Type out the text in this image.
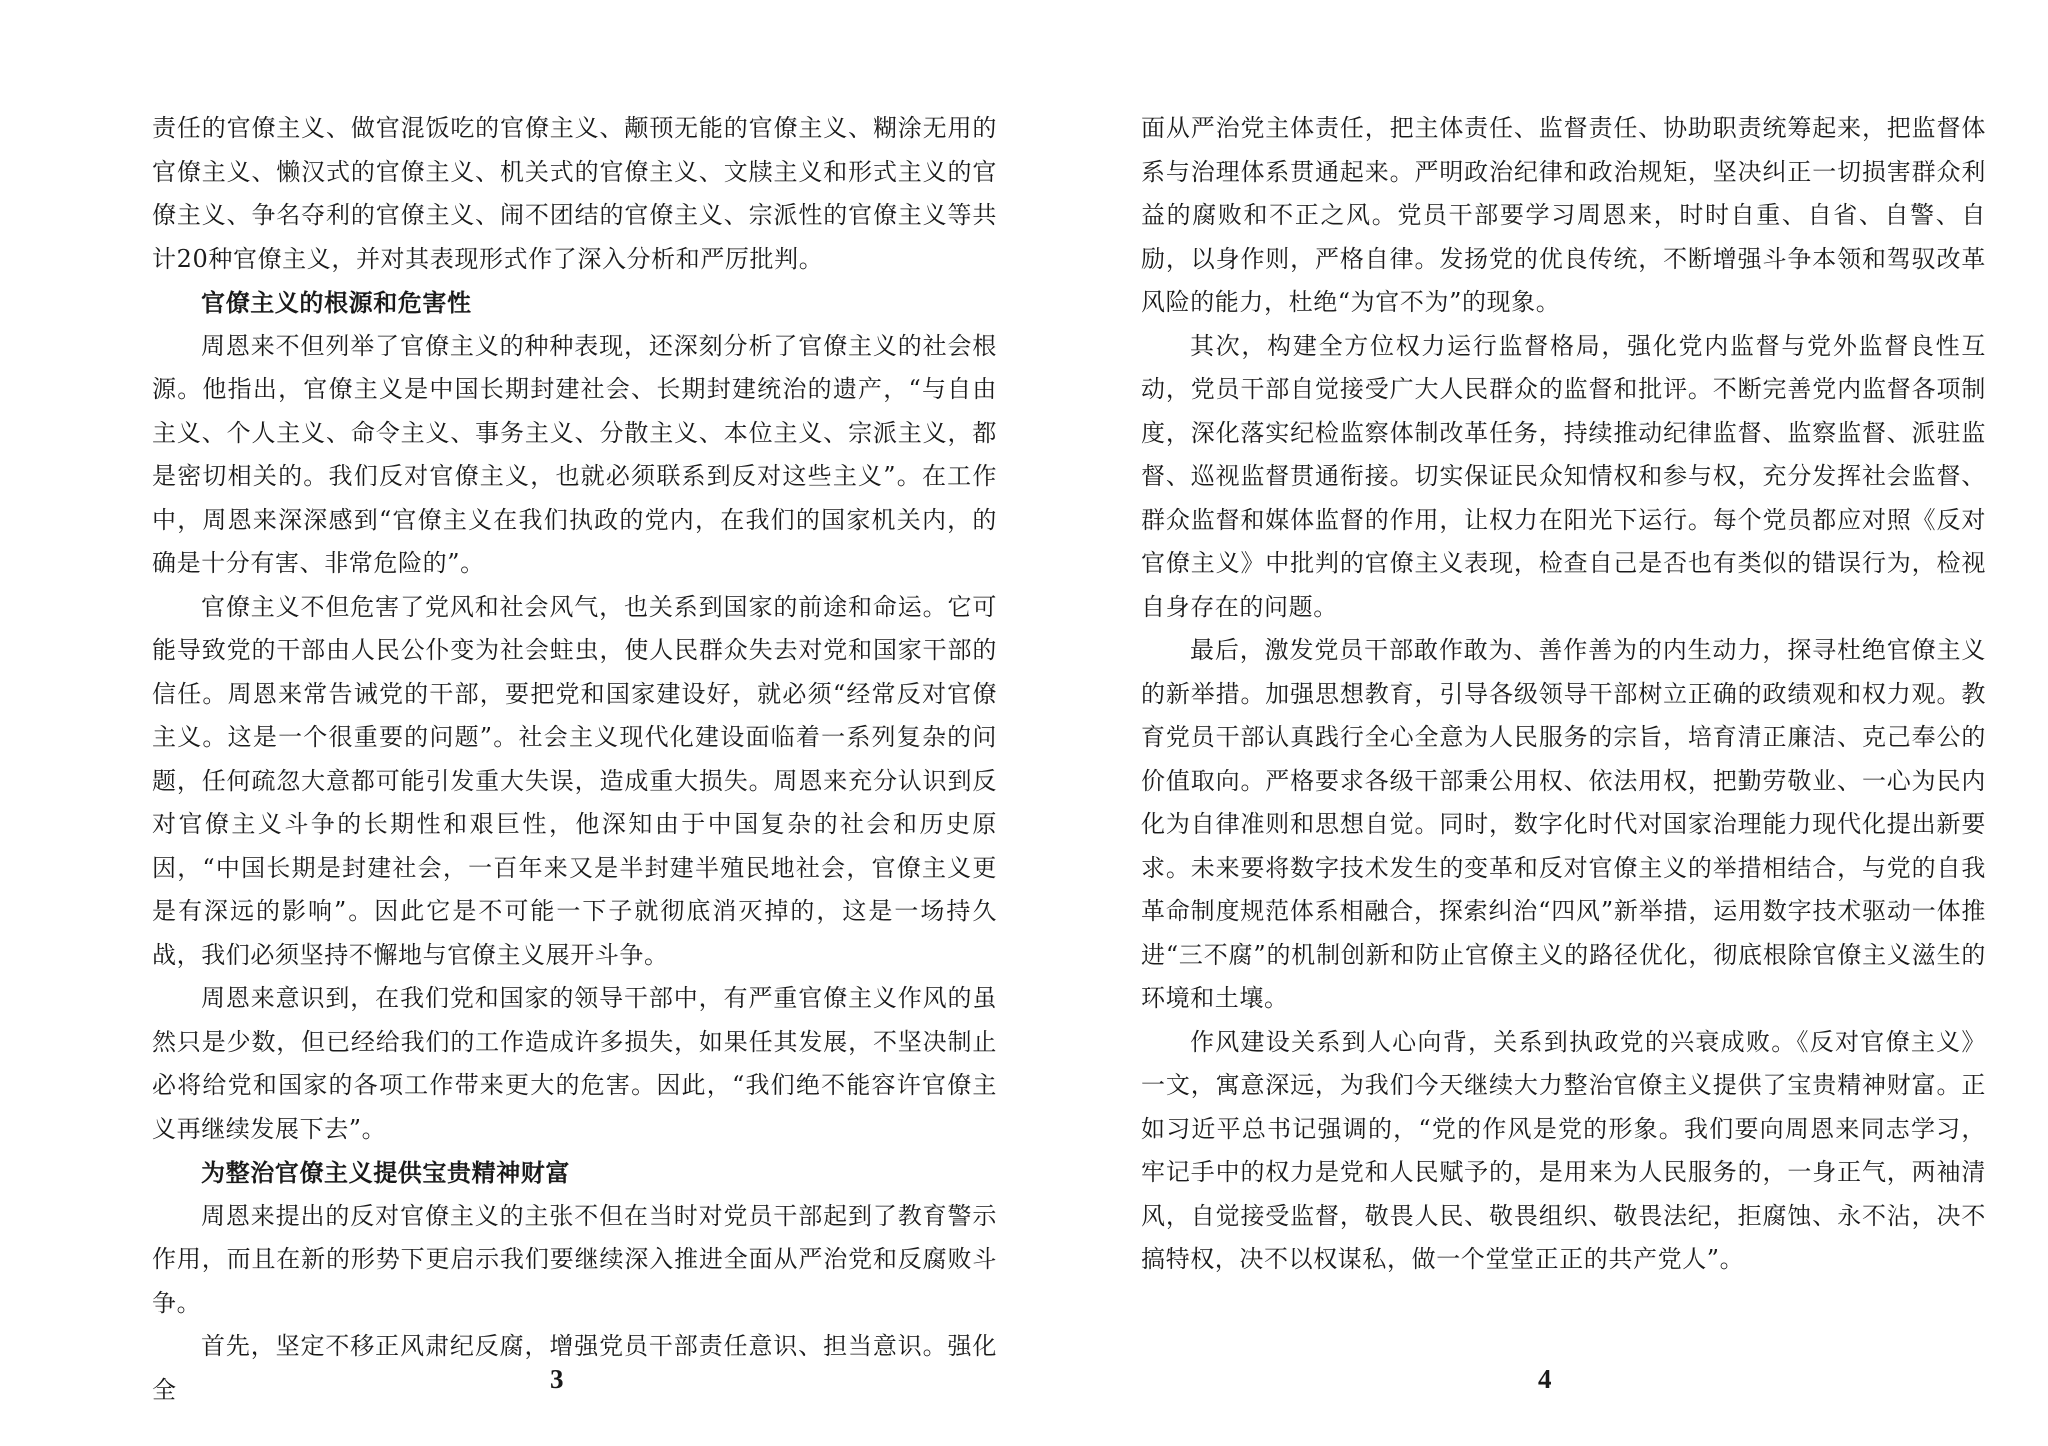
责任的官僚主义、做官混饭吃的官僚主义、颟顸无能的官僚主义、糊涂无用的官僚主义、懒汉式的官僚主义、机关式的官僚主义、文牍主义和形式主义的官僚主义、争名夺利的官僚主义、闹不团结的官僚主义、宗派性的官僚主义等共计20种官僚主义，并对其表现形式作了深入分析和严厉批判。

官僚主义的根源和危害性

周恩来不但列举了官僚主义的种种表现，还深刻分析了官僚主义的社会根源。他指出，官僚主义是中国长期封建社会、长期封建统治的遗产，“与自由主义、个人主义、命令主义、事务主义、分散主义、本位主义、宗派主义，都是密切相关的。我们反对官僚主义，也就必须联系到反对这些主义”。在工作中，周恩来深深感到“官僚主义在我们执政的党内，在我们的国家机关内，的确是十分有害、非常危险的”。

官僚主义不但危害了党风和社会风气，也关系到国家的前途和命运。它可能导致党的干部由人民公仆变为社会蛀虫，使人民群众失去对党和国家干部的信任。周恩来常告诫党的干部，要把党和国家建设好，就必须“经常反对官僚主义。这是一个很重要的问题”。社会主义现代化建设面临着一系列复杂的问题，任何疏忽大意都可能引发重大失误，造成重大损失。周恩来充分认识到反对官僚主义斗争的长期性和艰巨性，他深知由于中国复杂的社会和历史原因，“中国长期是封建社会，一百年来又是半封建半殖民地社会，官僚主义更是有深远的影响”。因此它是不可能一下子就彻底消灭掉的，这是一场持久战，我们必须坚持不懈地与官僚主义展开斗争。

周恩来意识到，在我们党和国家的领导干部中，有严重官僚主义作风的虽然只是少数，但已经给我们的工作造成许多损失，如果任其发展，不坚决制止必将给党和国家的各项工作带来更大的危害。因此，“我们绝不能容许官僚主义再继续发展下去”。

为整治官僚主义提供宝贵精神财富

周恩来提出的反对官僚主义的主张不但在当时对党员干部起到了教育警示作用，而且在新的形势下更启示我们要继续深入推进全面从严治党和反腐败斗争。

首先，坚定不移正风肃纪反腐，增强党员干部责任意识、担当意识。强化全	3

面从严治党主体责任，把主体责任、监督责任、协助职责统筹起来，把监督体系与治理体系贯通起来。严明政治纪律和政治规矩，坚决纠正一切损害群众利益的腐败和不正之风。党员干部要学习周恩来，时时自重、自省、自警、自励，以身作则，严格自律。发扬党的优良传统，不断增强斗争本领和驾驭改革风险的能力，杜绝“为官不为”的现象。

其次，构建全方位权力运行监督格局，强化党内监督与党外监督良性互动，党员干部自觉接受广大人民群众的监督和批评。不断完善党内监督各项制度，深化落实纪检监察体制改革任务，持续推动纪律监督、监察监督、派驻监督、巡视监督贯通衔接。切实保证民众知情权和参与权，充分发挥社会监督、群众监督和媒体监督的作用，让权力在阳光下运行。每个党员都应对照《反对官僚主义》中批判的官僚主义表现，检查自己是否也有类似的错误行为，检视自身存在的问题。

最后，激发党员干部敢作敢为、善作善为的内生动力，探寻杜绝官僚主义的新举措。加强思想教育，引导各级领导干部树立正确的政绩观和权力观。教育党员干部认真践行全心全意为人民服务的宗旨，培育清正廉洁、克己奉公的价值取向。严格要求各级干部秉公用权、依法用权，把勤劳敬业、一心为民内化为自律准则和思想自觉。同时，数字化时代对国家治理能力现代化提出新要求。未来要将数字技术发生的变革和反对官僚主义的举措相结合，与党的自我革命制度规范体系相融合，探索纠治“四风”新举措，运用数字技术驱动一体推进“三不腐”的机制创新和防止官僚主义的路径优化，彻底根除官僚主义滋生的环境和土壤。

作风建设关系到人心向背，关系到执政党的兴衰成败。《反对官僚主义》一文，寓意深远，为我们今天继续大力整治官僚主义提供了宝贵精神财富。正如习近平总书记强调的，“党的作风是党的形象。我们要向周恩来同志学习，牢记手中的权力是党和人民赋予的，是用来为人民服务的，一身正气，两袖清风，自觉接受监督，敬畏人民、敬畏组织、敬畏法纪，拒腐蚀、永不沾，决不搞特权，决不以权谋私，做一个堂堂正正的共产党人”。

4
